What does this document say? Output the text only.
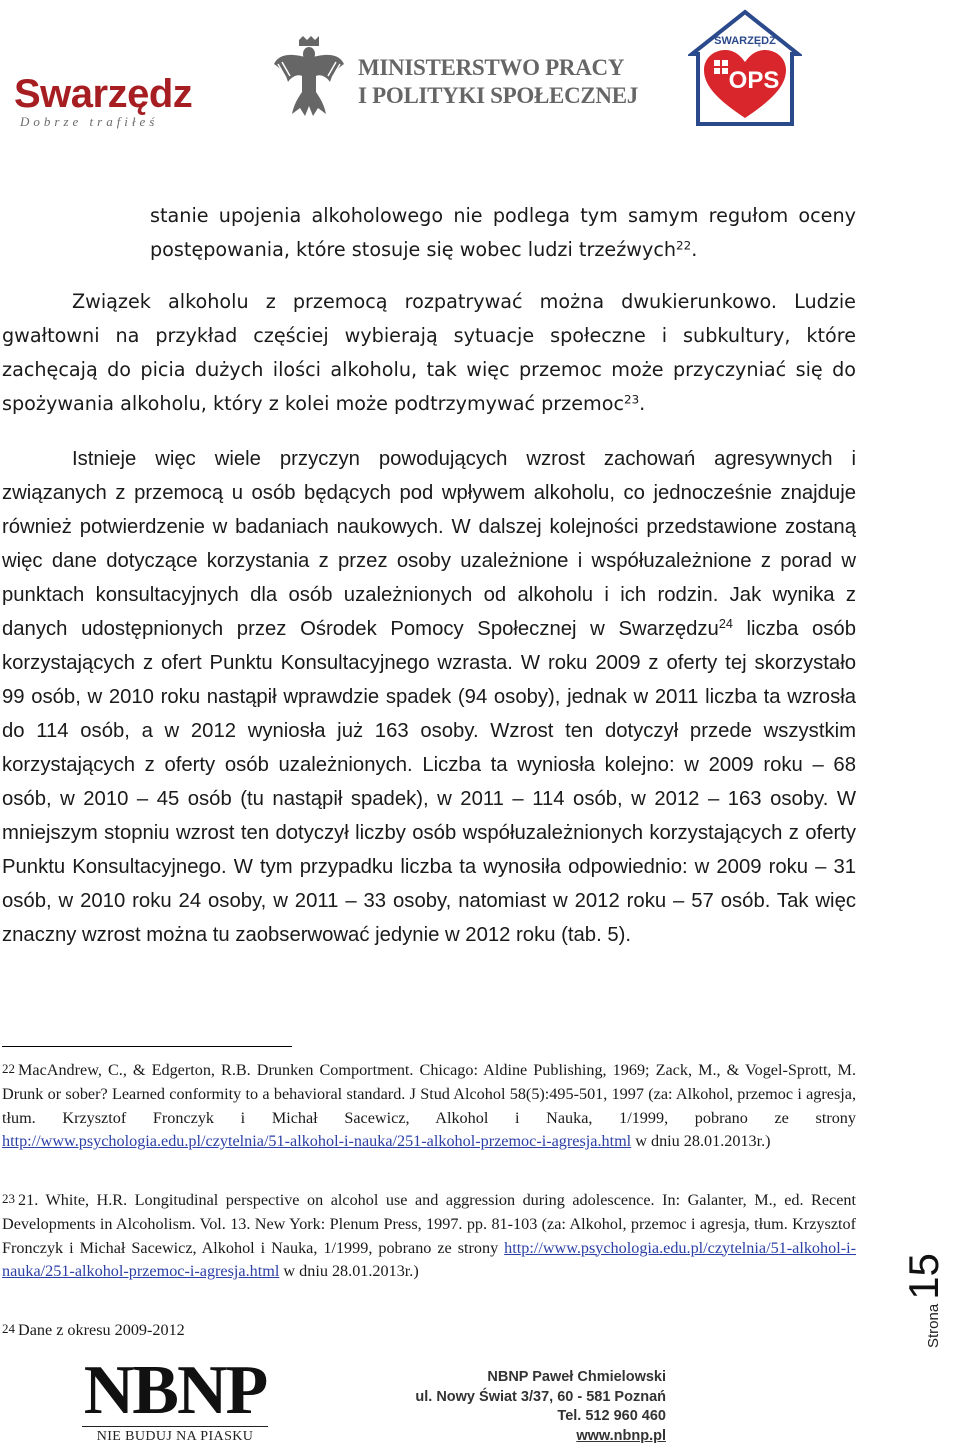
Swarzędz
Dobrze trafiłeś
MINISTERSTWO PRACY
I POLITYKI SPOŁECZNEJ
SWARZĘDZ
OPS

stanie upojenia alkoholowego nie podlega tym samym regułom oceny postępowania, które stosuje się wobec ludzi trzeźwych$^{22}$.

Związek alkoholu z przemocą rozpatrywać można dwukierunkowo. Ludzie gwałtowni na przykład częściej wybierają sytuacje społeczne i subkultury, które zachęcają do picia dużych ilości alkoholu, tak więc przemoc może przyczyniać się do spożywania alkoholu, który z kolei może podtrzymywać przemoc$^{23}$.

Istnieje więc wiele przyczyn powodujących wzrost zachowań agresywnych i związanych z przemocą u osób będących pod wpływem alkoholu, co jednocześnie znajduje również potwierdzenie w badaniach naukowych. W dalszej kolejności przedstawione zostaną więc dane dotyczące korzystania z przez osoby uzależnione i współuzależnione z porad w punktach konsultacyjnych dla osób uzależnionych od alkoholu i ich rodzin. Jak wynika z danych udostępnionych przez Ośrodek Pomocy Społecznej w Swarzędzu$^{24}$ liczba osób korzystających z ofert Punktu Konsultacyjnego wzrasta. W roku 2009 z oferty tej skorzystało 99 osób, w 2010 roku nastąpił wprawdzie spadek (94 osoby), jednak w 2011 liczba ta wzrosła do 114 osób, a w 2012 wyniosła już 163 osoby. Wzrost ten dotyczył przede wszystkim korzystających z oferty osób uzależnionych. Liczba ta wyniosła kolejno: w 2009 roku – 68 osób, w 2010 – 45 osób (tu nastąpił spadek), w 2011 – 114 osób, w 2012 – 163 osoby. W mniejszym stopniu wzrost ten dotyczył liczby osób współuzależnionych korzystających z oferty Punktu Konsultacyjnego. W tym przypadku liczba ta wynosiła odpowiednio: w 2009 roku – 31 osób, w 2010 roku 24 osoby, w 2011 – 33 osoby, natomiast w 2012 roku – 57 osób. Tak więc znaczny wzrost można tu zaobserwować jedynie w 2012 roku (tab. 5).

22 MacAndrew, C., & Edgerton, R.B. Drunken Comportment. Chicago: Aldine Publishing, 1969; Zack, M., & Vogel-Sprott, M. Drunk or sober? Learned conformity to a behavioral standard. J Stud Alcohol 58(5):495-501, 1997 (za: Alkohol, przemoc i agresja, tłum. Krzysztof Fronczyk i Michał Sacewicz, Alkohol i Nauka, 1/1999, pobrano ze strony http://www.psychologia.edu.pl/czytelnia/51-alkohol-i-nauka/251-alkohol-przemoc-i-agresja.html w dniu 28.01.2013r.)

23 21. White, H.R. Longitudinal perspective on alcohol use and aggression during adolescence. In: Galanter, M., ed. Recent Developments in Alcoholism. Vol. 13. New York: Plenum Press, 1997. pp. 81-103 (za: Alkohol, przemoc i agresja, tłum. Krzysztof Fronczyk i Michał Sacewicz, Alkohol i Nauka, 1/1999, pobrano ze strony http://www.psychologia.edu.pl/czytelnia/51-alkohol-i-nauka/251-alkohol-przemoc-i-agresja.html w dniu 28.01.2013r.)

24 Dane z okresu 2009-2012	Strona15
NBNP
NIE BUDUJ NA PIASKU
NBNP Paweł Chmielowski
ul. Nowy Świat 3/37, 60 - 581 Poznań
Tel. 512 960 460
www.nbnp.pl
